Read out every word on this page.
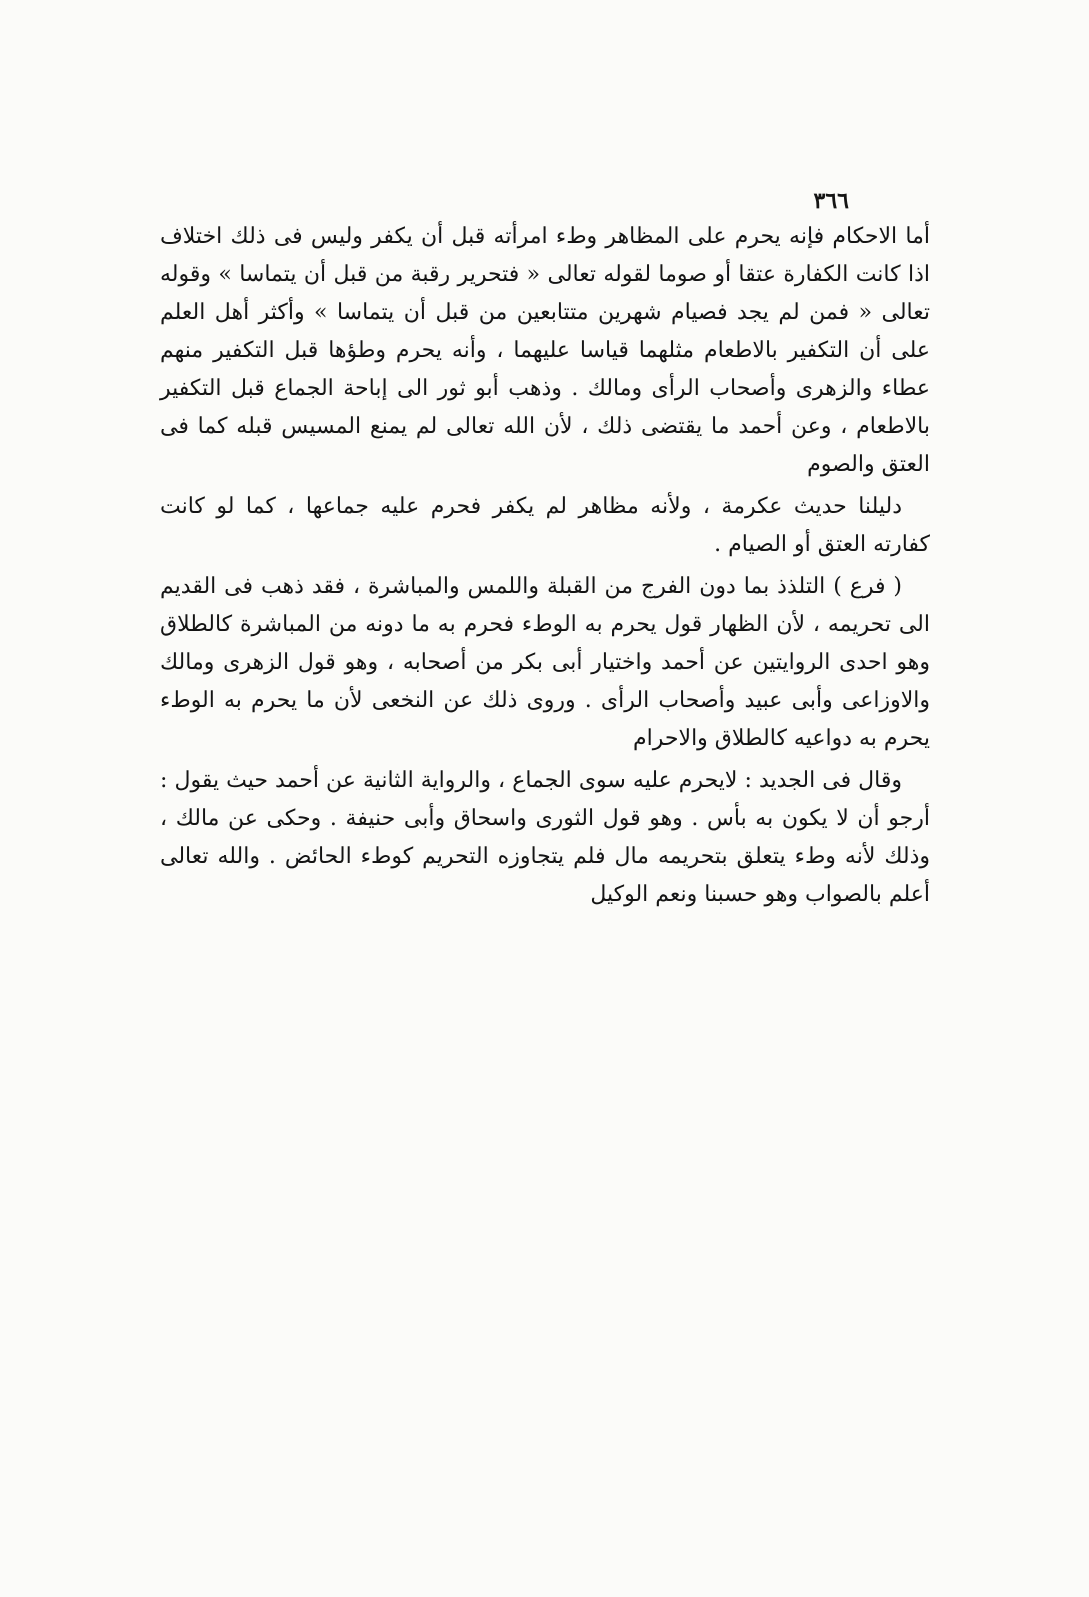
٣٦٦

أما الاحكام فإنه يحرم على المظاهر وطء امرأته قبل أن يكفر وليس فى ذلك اختلاف اذا كانت الكفارة عتقا أو صوما لقوله تعالى « فتحرير رقبة من قبل أن يتماسا » وقوله تعالى « فمن لم يجد فصيام شهرين متتابعين من قبل أن يتماسا » وأكثر أهل العلم على أن التكفير بالاطعام مثلهما قياسا عليهما ، وأنه يحرم وطؤها قبل التكفير منهم عطاء والزهرى وأصحاب الرأى ومالك . وذهب أبو ثور الى إباحة الجماع قبل التكفير بالاطعام ، وعن أحمد ما يقتضى ذلك ، لأن الله تعالى لم يمنع المسيس قبله كما فى العتق والصوم

دليلنا حديث عكرمة ، ولأنه مظاهر لم يكفر فحرم عليه جماعها ، كما لو كانت كفارته العتق أو الصيام .

( فرع ) التلذذ بما دون الفرج من القبلة واللمس والمباشرة ، فقد ذهب فى القديم الى تحريمه ، لأن الظهار قول يحرم به الوطء فحرم به ما دونه من المباشرة كالطلاق وهو احدى الروايتين عن أحمد واختيار أبى بكر من أصحابه ، وهو قول الزهرى ومالك والاوزاعى وأبى عبيد وأصحاب الرأى . وروى ذلك عن النخعى لأن ما يحرم به الوطء يحرم به دواعيه كالطلاق والاحرام

وقال فى الجديد : لايحرم عليه سوى الجماع ، والرواية الثانية عن أحمد حيث يقول : أرجو أن لا يكون به بأس . وهو قول الثورى واسحاق وأبى حنيفة . وحكى عن مالك ، وذلك لأنه وطء يتعلق بتحريمه مال فلم يتجاوزه التحريم كوطء الحائض . والله تعالى أعلم بالصواب وهو حسبنا ونعم الوكيل
